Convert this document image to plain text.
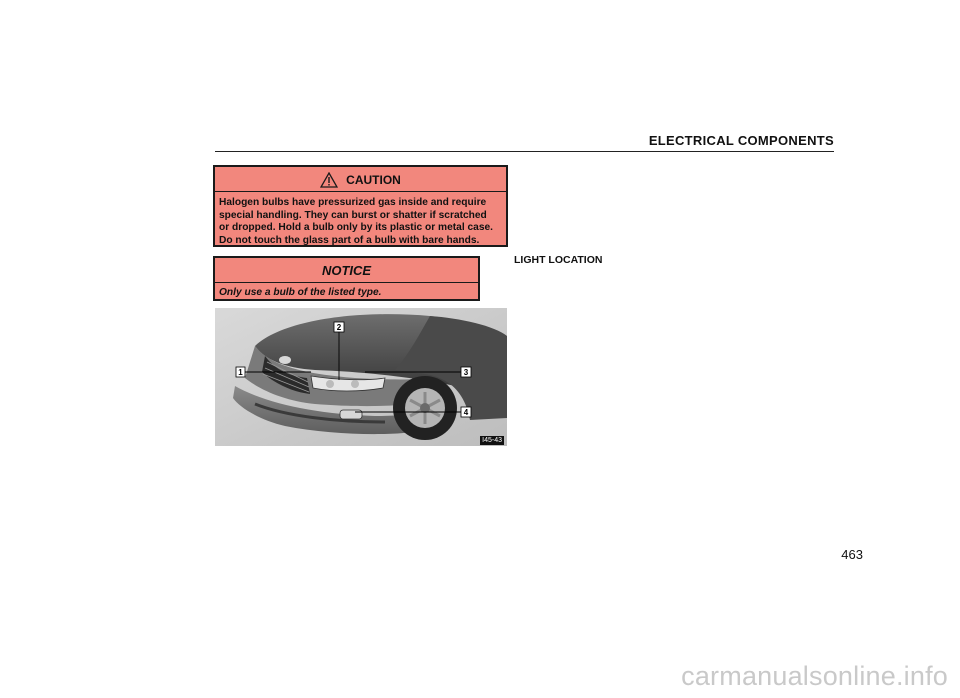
ELECTRICAL COMPONENTS
CAUTION
Halogen bulbs have pressurized gas inside and require
special handling. They can burst or shatter if scratched
or dropped. Hold a bulb only by its plastic or metal case.
Do not touch the glass part of a bulb with bare hands.
NOTICE
Only use a bulb of the listed type.
1
2
3
4
I45-43
LIGHT LOCATION
463
carmanualsonline.info
